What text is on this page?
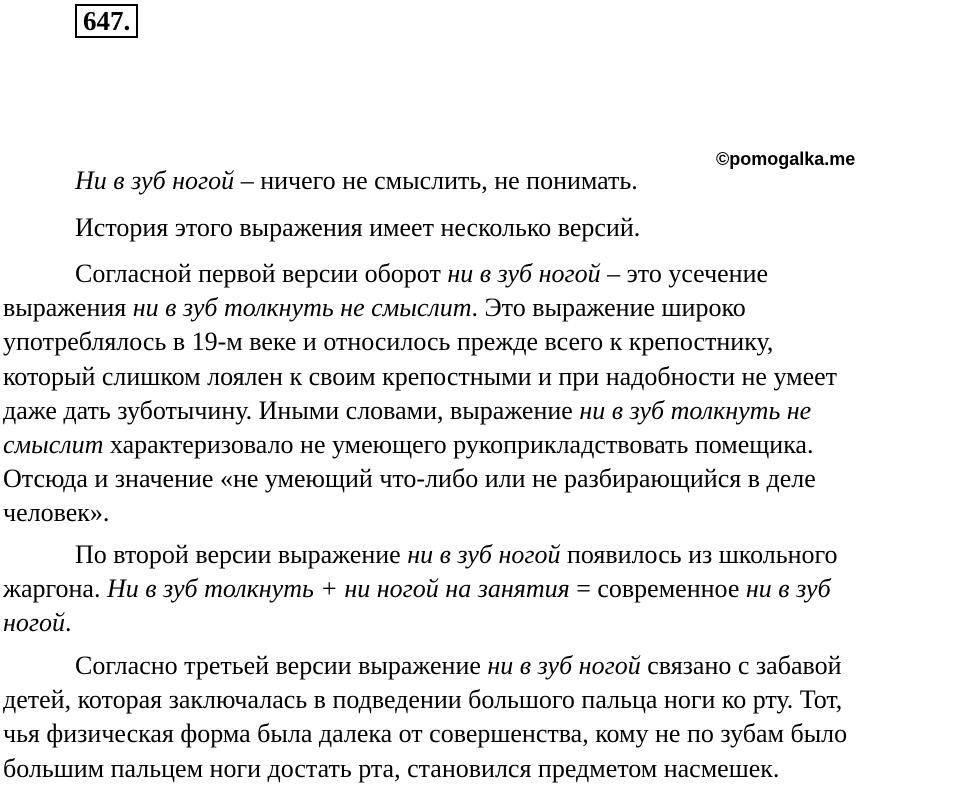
647.
©pomogalka.me
Ни в зуб ногой – ничего не смыслить, не понимать.
История этого выражения имеет несколько версий.
Согласной первой версии оборот ни в зуб ногой – это усечение
выражения ни в зуб толкнуть не смыслит. Это выражение широко
употреблялось в 19-м веке и относилось прежде всего к крепостнику,
который слишком лоялен к своим крепостными и при надобности не умеет
даже дать зуботычину. Иными словами, выражение ни в зуб толкнуть не
смыслит характеризовало не умеющего рукоприкладствовать помещика.
Отсюда и значение «не умеющий что-либо или не разбирающийся в деле
человек».
По второй версии выражение ни в зуб ногой появилось из школьного
жаргона. Ни в зуб толкнуть + ни ногой на занятия = современное ни в зуб
ногой.
Согласно третьей версии выражение ни в зуб ногой связано с забавой
детей, которая заключалась в подведении большого пальца ноги ко рту. Тот,
чья физическая форма была далека от совершенства, кому не по зубам было
большим пальцем ноги достать рта, становился предметом насмешек.
